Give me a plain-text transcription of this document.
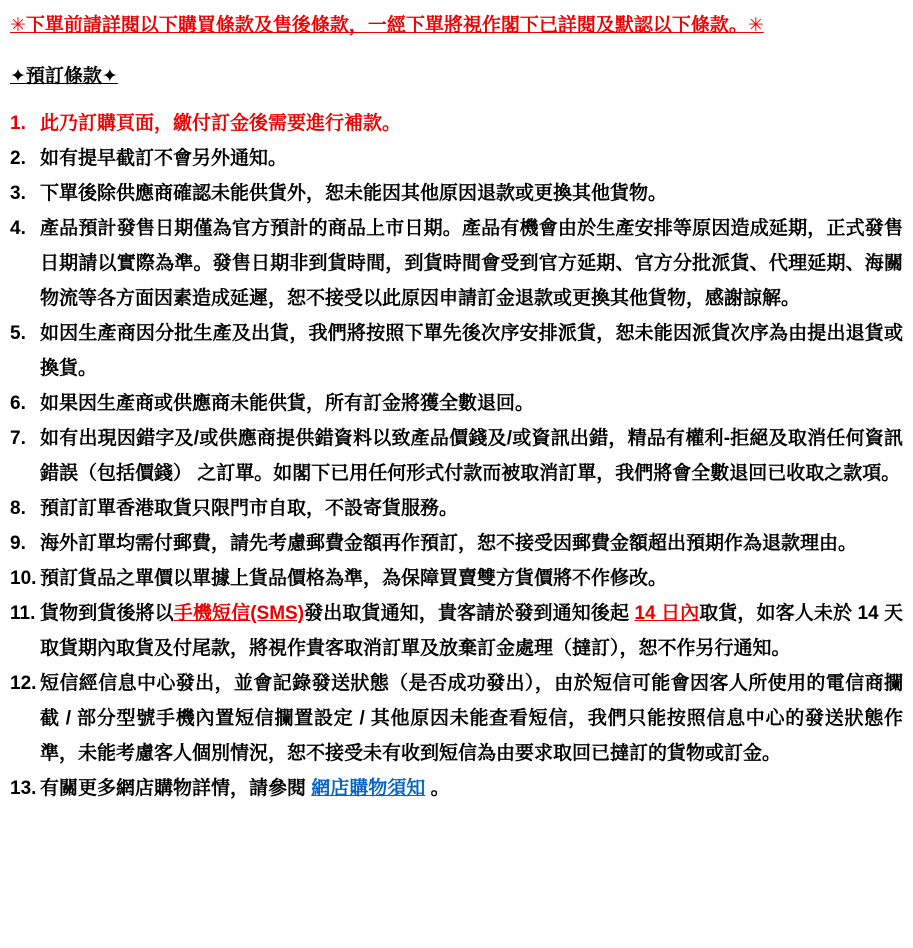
✳下單前請詳閱以下購買條款及售後條款，一經下單將視作閣下已詳閱及默認以下條款。✳
✦預訂條款✦
1. 此乃訂購頁面，繳付訂金後需要進行補款。
2. 如有提早截訂不會另外通知。
3. 下單後除供應商確認未能供貨外，恕未能因其他原因退款或更換其他貨物。
4. 產品預計發售日期僅為官方預計的商品上市日期。產品有機會由於生產安排等原因造成延期，正式發售日期請以實際為準。發售日期非到貨時間，到貨時間會受到官方延期、官方分批派貨、代理延期、海關物流等各方面因素造成延遲，恕不接受以此原因申請訂金退款或更換其他貨物，感謝諒解。
5. 如因生產商因分批生產及出貨，我們將按照下單先後次序安排派貨，恕未能因派貨次序為由提出退貨或換貨。
6. 如果因生產商或供應商未能供貨，所有訂金將獲全數退回。
7. 如有出現因錯字及/或供應商提供錯資料以致產品價錢及/或資訊出錯，精品有權利-拒絕及取消任何資訊錯誤（包括價錢） 之訂單。如閣下已用任何形式付款而被取消訂單，我們將會全數退回已收取之款項。
8. 預訂訂單香港取貨只限門市自取，不設寄貨服務。
9. 海外訂單均需付郵費，請先考慮郵費金額再作預訂，恕不接受因郵費金額超出預期作為退款理由。
10. 預訂貨品之單價以單據上貨品價格為準，為保障買賣雙方貨價將不作修改。
11. 貨物到貨後將以手機短信(SMS)發出取貨通知，貴客請於發到通知後起 14 日內取貨，如客人未於 14 天取貨期內取貨及付尾款，將視作貴客取消訂單及放棄訂金處理（撻訂），恕不作另行通知。
12. 短信經信息中心發出，並會記錄發送狀態（是否成功發出），由於短信可能會因客人所使用的電信商攔截 / 部分型號手機內置短信攔置設定 / 其他原因未能查看短信，我們只能按照信息中心的發送狀態作準，未能考慮客人個別情況，恕不接受未有收到短信為由要求取回已撻訂的貨物或訂金。
13. 有關更多網店購物詳情，請參閱 網店購物須知 。
